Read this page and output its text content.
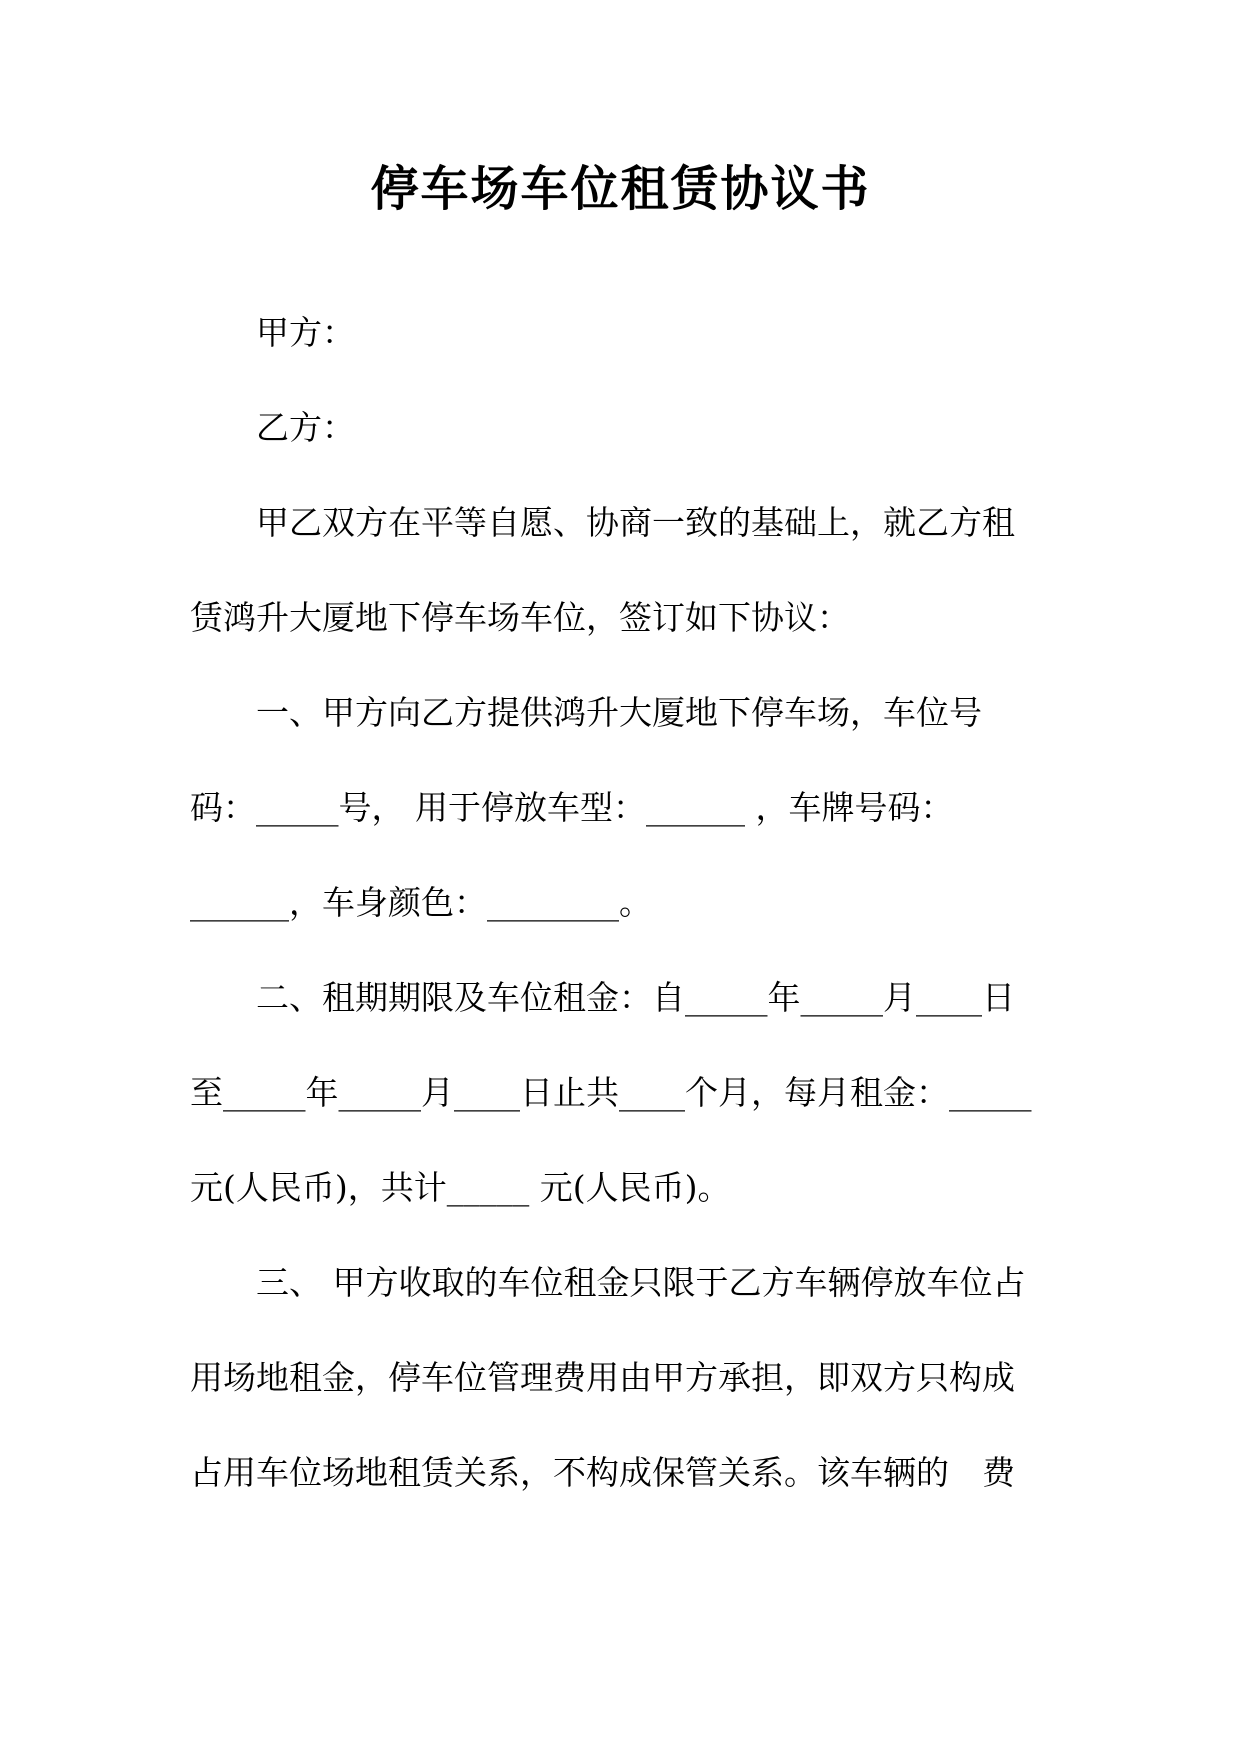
停车场车位租赁协议书

　　甲方：

　　乙方：

　　甲乙双方在平等自愿、协商一致的基础上，就乙方租

赁鸿升大厦地下停车场车位，签订如下协议：

　　一、甲方向乙方提供鸿升大厦地下停车场，车位号

码：_____号， 用于停放车型：______ ，车牌号码：

______，车身颜色：________。

　　二、租期期限及车位租金：自_____年_____月____日

至_____年_____月____日止共____个月，每月租金：_____

元(人民币)，共计_____ 元(人民币)。

　　三、 甲方收取的车位租金只限于乙方车辆停放车位占

用场地租金，停车位管理费用由甲方承担，即双方只构成

占用车位场地租赁关系，不构成保管关系。该车辆的　费
